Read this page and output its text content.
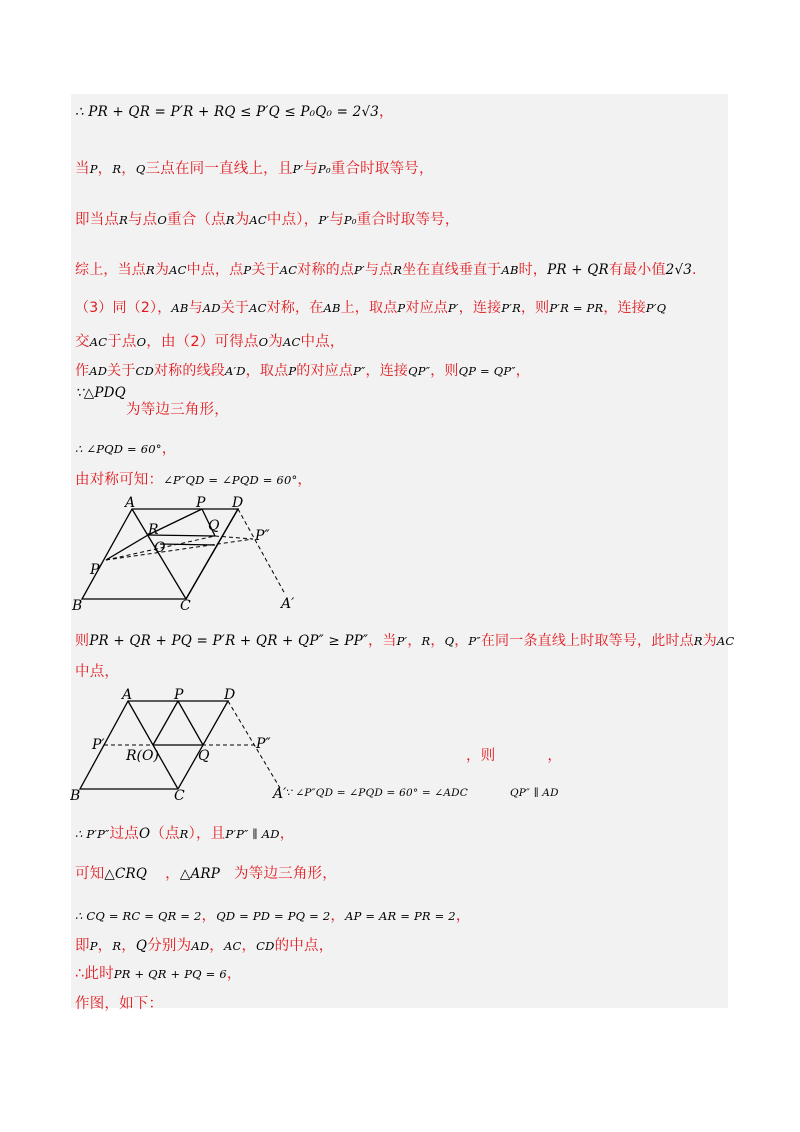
∴ PR + QR = P′R + RQ ≤ P′Q ≤ P₀Q₀ = 2√3，
当P，R，Q三点在同一直线上，且P′与P₀重合时取等号，
即当点R与点O重合（点R为AC中点），P′与P₀重合时取等号，
综上，当点R为AC中点，点P关于AC对称的点P′与点R坐在直线垂直于AB时，PR + QR有最小值2√3.
（3）同（2），AB与AD关于AC对称，在AB上，取点P对应点P′，连接P′R，则P′R = PR，连接P′Q
交AC于点O，由（2）可得点O为AC中点，
作AD关于CD对称的线段A′D，取点P的对应点P″，连接QP″，则QP = QP″，
∵△PDQ
为等边三角形，
∴ ∠PQD = 60°，
由对称可知：∠P″QD = ∠PQD = 60°，
A	P D
R	Q
O
P″
P′
B	C	A′
则PR + QR + PQ = P′R + QR + QP″ ≥ PP″，当P′，R，Q，P″在同一条直线上时取等号，此时点R为AC
中点，
A	P	D
P′
R(O)	Q
P″
B	C	A′
，则	，
∵ ∠P″QD = ∠PQD = 60° = ∠ADC	QP″ ∥ AD
∴ P′P″过点O（点R），且P′P″ ∥ AD，
可知△CRQ ，△ARP 为等边三角形，
∴ CQ = RC = QR = 2，QD = PD = PQ = 2，AP = AR = PR = 2，
即P，R，Q分别为AD，AC，CD的中点，
∴此时PR + QR + PQ = 6，
作图，如下：
